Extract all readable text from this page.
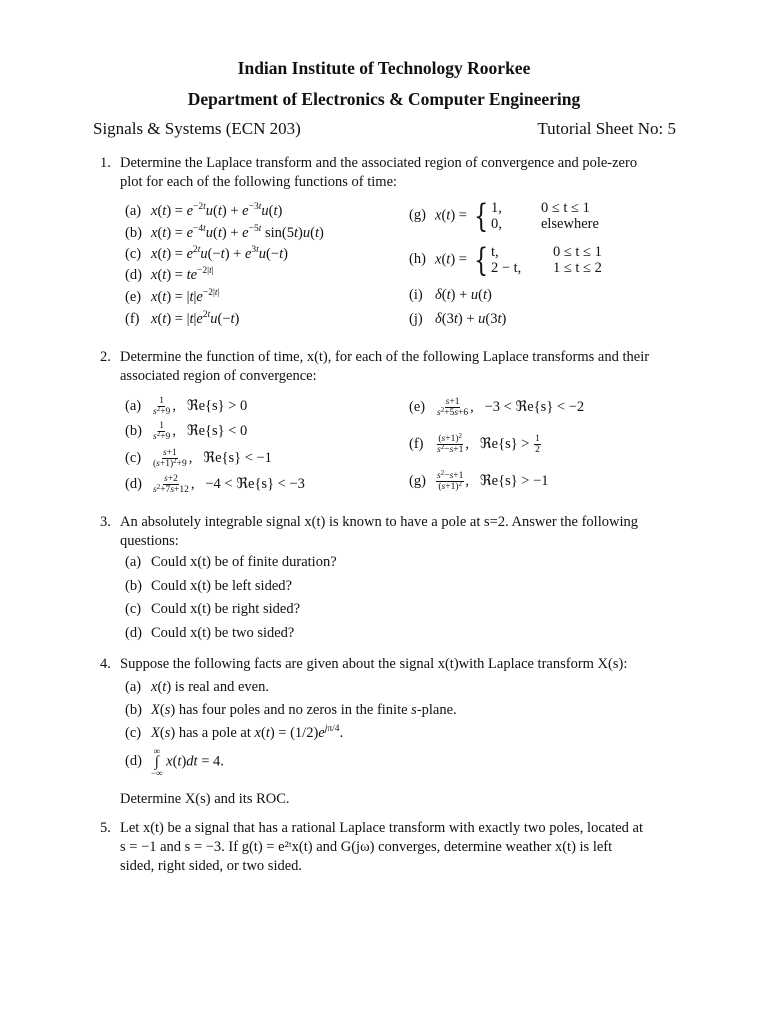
Indian Institute of Technology Roorkee
Department of Electronics & Computer Engineering
Signals & Systems (ECN 203)	Tutorial Sheet No: 5
1. Determine the Laplace transform and the associated region of convergence and pole-zero
plot for each of the following functions of time:
(a) $x(t) = e^{-2t}u(t) + e^{-3t}u(t)$
(b) $x(t) = e^{-4t}u(t) + e^{-5t}$ sin(5t)u(t)
(c) $x(t) = e^{2t}u(-t) + e^{3t}u(-t)$
(d) $x(t) = te^{-2|t|}$
(e) $x(t) = |t|e^{-2|t|}$
(f) $x(t) = |t|e^{2t}u(-t)$
(g) x(t) = { 1,	0 ≤ t ≤ 1
0,	elsewhere
(h) x(t) = { t,	0 ≤ t ≤ 1
2 − t,	1 ≤ t ≤ 2
(i) δ(t) + u(t)
(j) δ(3t) + u(3t)
2. Determine the function of time, x(t), for each of the following Laplace transforms and their
associated region of convergence:
$(a) \frac{1}{s^2+9}$ ,   ℜe{s} > 0
$(b) \frac{1}{s^2+9}$ ,   ℜe{s} < 0
$(c) \frac{s+1}{(s+1)^2+9}$ ,   ℜe{s} < −1
$(d) \frac{s+2}{s^2+7s+12}$ ,   −4 < ℜe{s} < −3
$(e) \frac{s+1}{s^2+5s+6}$ ,   −3 < ℜe{s} < −2
$(f) \frac{(s+1)^2}{s^2-s+1}$ ,   ℜe{s} > $\frac{1}{2}$
$(g) \frac{s^2-s+1}{(s+1)^2}$ ,   ℜe{s} > −1
3. An absolutely integrable signal x(t) is known to have a pole at s=2. Answer the following
questions:
(a) Could x(t) be of finite duration?
(b) Could x(t) be left sided?
(c) Could x(t) be right sided?
(d) Could x(t) be two sided?
4. Suppose the following facts are given about the signal x(t)with Laplace transform X(s):
(a) x(t) is real and even.
(b) X(s) has four poles and no zeros in the finite s-plane.
(c) X(s) has a pole at $x(t) = (1/2)e^{j\pi/4}$.
(d)
∞
∫
−∞
x(t)dt = 4.
Determine X(s) and its ROC.
5. Let x(t) be a signal that has a rational Laplace transform with exactly two poles, located at
s = −1 and s = −3. If g(t) = e²ᵗx(t) and G(jω) converges, determine weather x(t) is left
sided, right sided, or two sided.
